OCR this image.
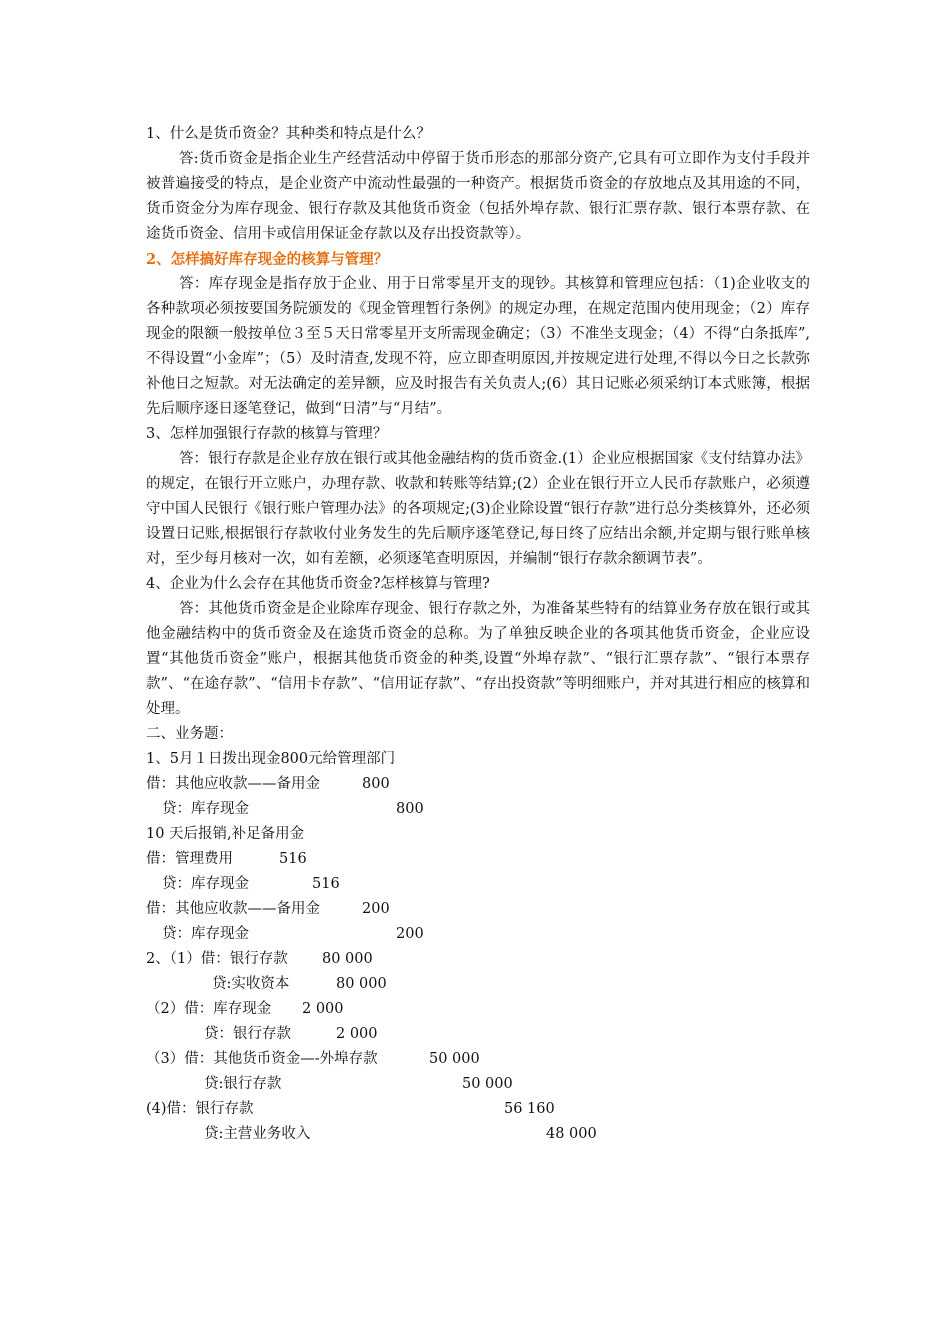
1、什么是货币资金？其种类和特点是什么？
答:货币资金是指企业生产经营活动中停留于货币形态的那部分资产,它具有可立即作为支付手段并被普遍接受的特点，是企业资产中流动性最强的一种资产。根据货币资金的存放地点及其用途的不同，货币资金分为库存现金、银行存款及其他货币资金（包括外埠存款、银行汇票存款、银行本票存款、在途货币资金、信用卡或信用保证金存款以及存出投资款等）。
2、怎样搞好库存现金的核算与管理？
答：库存现金是指存放于企业、用于日常零星开支的现钞。其核算和管理应包括：（1)企业收支的各种款项必须按要国务院颁发的《现金管理暂行条例》的规定办理，在规定范围内使用现金；（2）库存现金的限额一般按单位３至５天日常零星开支所需现金确定；（3）不准坐支现金；（4）不得“白条抵库”,不得设置“小金库”；（5）及时清查,发现不符，应立即查明原因,并按规定进行处理,不得以今日之长款弥补他日之短款。对无法确定的差异额，应及时报告有关负责人;(6）其日记账必须采纳订本式账簿，根据先后顺序逐日逐笔登记，做到“日清”与“月结”。
3、怎样加强银行存款的核算与管理？
答：银行存款是企业存放在银行或其他金融结构的货币资金.(1）企业应根据国家《支付结算办法》的规定，在银行开立账户，办理存款、收款和转账等结算;(2）企业在银行开立人民币存款账户，必须遵守中国人民银行《银行账户管理办法》的各项规定;(3)企业除设置“银行存款”进行总分类核算外，还必须设置日记账,根据银行存款收付业务发生的先后顺序逐笔登记,每日终了应结出余额,并定期与银行账单核对，至少每月核对一次，如有差额，必须逐笔查明原因，并编制“银行存款余额调节表”。
4、企业为什么会存在其他货币资金?怎样核算与管理?
答：其他货币资金是企业除库存现金、银行存款之外，为准备某些特有的结算业务存放在银行或其他金融结构中的货币资金及在途货币资金的总称。为了单独反映企业的各项其他货币资金，企业应设置“其他货币资金”账户，根据其他货币资金的种类,设置“外埠存款”、“银行汇票存款”、“银行本票存款”、“在途存款”、“信用卡存款”、“信用证存款”、“存出投资款”等明细账户，并对其进行相应的核算和处理。
二、业务题：
1、5月１日拨出现金800元给管理部门
借：其他应收款——备用金	800
贷：库存现金	800
10 天后报销,补足备用金
借：管理费用	516
贷：库存现金	516
借：其他应收款——备用金	200
贷：库存现金	200
2、（1）借：银行存款 80 000
贷:实收资本	80 000
（2）借：库存现金 2 000
贷：银行存款	2 000
（3）借：其他货币资金—-外埠存款	50 000
贷:银行存款	50 000
(4)借：银行存款	56 160
贷:主营业务收入	48 000
